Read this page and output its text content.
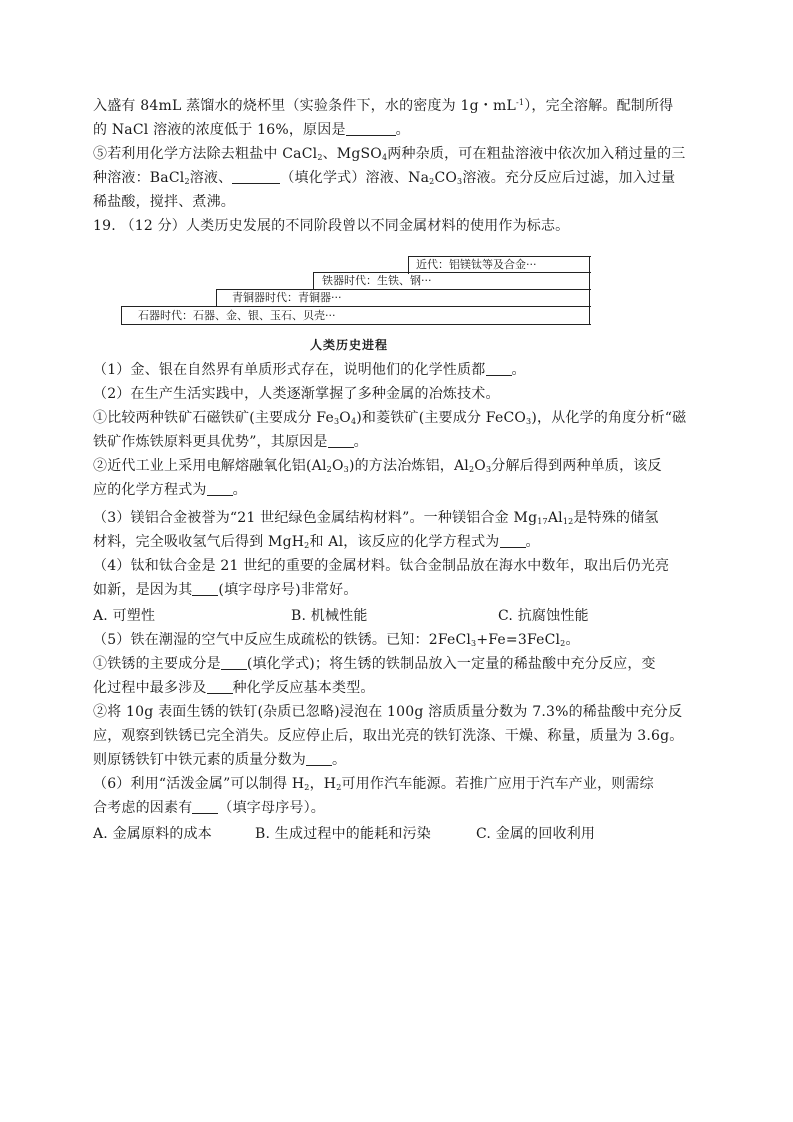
入盛有 84mL 蒸馏水的烧杯里（实验条件下，水的密度为 1g・$mL^{-1}$），完全溶解。配制所得
的 NaCl 溶液的浓度低于 16%，原因是	。
⑤若利用化学方法除去粗盐中 CaCl$_2$、MgSO$_4$两种杂质，可在粗盐溶液中依次加入稍过量的三
种溶液：BaCl$_2$溶液、	（填化学式）溶液、$Na_2CO_3$溶液。充分反应后过滤，加入过量
稀盐酸，搅拌、煮沸。
19. （12 分）人类历史发展的不同阶段曾以不同金属材料的使用作为标志。
近代：铝镁钛等及合金···
铁器时代：生铁、钢···
青铜器时代：青铜器···
石器时代：石器、金、银、玉石、贝壳···
人类历史进程
（1）金、银在自然界有单质形式存在，说明他们的化学性质都 。
（2）在生产生活实践中，人类逐渐掌握了多种金属的冶炼技术。
①比较两种铁矿石磁铁矿(主要成分 $Fe_3O_4$)和菱铁矿(主要成分 FeCO$_3$)，从化学的角度分析“磁
铁矿作炼铁原料更具优势”，其原因是 。
②近代工业上采用电解熔融氧化铝$(Al_2O_3)$的方法冶炼铝，$Al_2O_3$分解后得到两种单质，该反
应的化学方程式为 。
（3）镁铝合金被誉为“21 世纪绿色金属结构材料”。一种镁铝合金 $Mg_{17}Al_{12}$是特殊的储氢
材料，完全吸收氢气后得到 MgH$_2$和 Al，该反应的化学方程式为 。
（4）钛和钛合金是 21 世纪的重要的金属材料。钛合金制品放在海水中数年，取出后仍光亮
如新，是因为其 (填字母序号)非常好。
A. 可塑性	B. 机械性能	C. 抗腐蚀性能
（5）铁在潮湿的空气中反应生成疏松的铁锈。已知：2FeCl$_3$+Fe=3FeCl$_2$。
①铁锈的主要成分是 (填化学式)；将生锈的铁制品放入一定量的稀盐酸中充分反应，变
化过程中最多涉及 种化学反应基本类型。
②将 10g 表面生锈的铁钉(杂质已忽略)浸泡在 100g 溶质质量分数为 7.3%的稀盐酸中充分反
应，观察到铁锈已完全消失。反应停止后，取出光亮的铁钉洗涤、干燥、称量，质量为 3.6g。
则原锈铁钉中铁元素的质量分数为 。
（6）利用“活泼金属”可以制得 $H_2$，$H_2$可用作汽车能源。若推广应用于汽车产业，则需综
合考虑的因素有 （填字母序号）。
A. 金属原料的成本	B. 生成过程中的能耗和污染	C. 金属的回收利用
